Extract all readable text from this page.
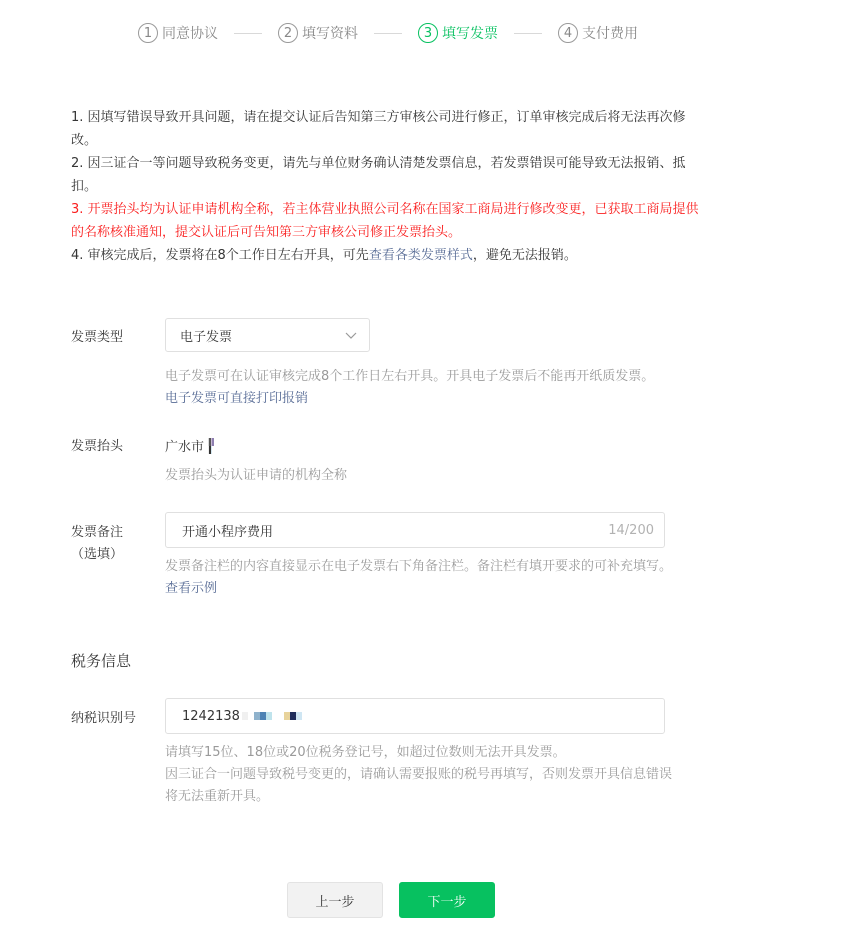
1 同意协议	2 填写资料	3 填写发票	4 支付费用

1. 因填写错误导致开具问题，请在提交认证后告知第三方审核公司进行修正，订单审核完成后将无法再次修改。

2. 因三证合一等问题导致税务变更，请先与单位财务确认清楚发票信息，若发票错误可能导致无法报销、抵扣。

3. 开票抬头均为认证申请机构全称，若主体营业执照公司名称在国家工商局进行修改变更，已获取工商局提供的名称核准通知，提交认证后可告知第三方审核公司修正发票抬头。

4. 审核完成后，发票将在8个工作日左右开具，可先查看各类发票样式，避免无法报销。

发票类型	电子发票
电子发票可在认证审核完成8个工作日左右开具。开具电子发票后不能再开纸质发票。
电子发票可直接打印报销
发票抬头	广水市
发票抬头为认证申请的机构全称
发票备注
（选填）
开通小程序费用	14/200
发票备注栏的内容直接显示在电子发票右下角备注栏。备注栏有填开要求的可补充填写。
查看示例
税务信息
纳税识别号	1242138
请填写15位、18位或20位税务登记号，如超过位数则无法开具发票。
因三证合一问题导致税号变更的，请确认需要报账的税号再填写，否则发票开具信息错误
将无法重新开具。
上一步	下一步
